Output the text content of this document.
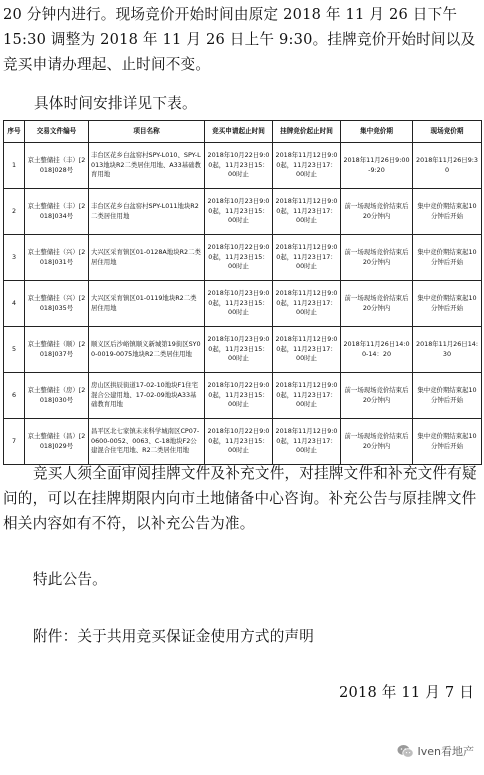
20 分钟内进行。现场竞价开始时间由原定 2018 年 11 月 26 日下午 15:30 调整为 2018 年 11 月 26 日上午 9:30。挂牌竞价开始时间以及竞买申请办理起、止时间不变。

具体时间安排详见下表。

序号	交易文件编号	项目名称	竞买申请起止时间	挂牌竞价起止时间	集中竞价期	现场竞价期
1	京土整储挂（丰）[2018]028号	丰台区花乡白盆窑村SPY-L010、SPY-L013地块R2二类居住用地、A33基础教育用地	2018年10月22日9:00起，11月23日15：00时止	2018年11月12日9:00起，11月23日17：00时止	2018年11月26日9:00-9:20	2018年11月26日9:30
2	京土整储挂（丰）[2018]034号	丰台区花乡白盆窑村SPY-L011地块R2二类居住用地	2018年10月23日9:00起，11月23日15：00时止	2018年11月12日9:00起，11月23日17：00时止	前一场现场竞价结束后20分钟内	集中竞价期结束起10分钟后开始
3	京土整储挂（兴）[2018]031号	大兴区采育镇区01-0128A地块R2二类居住用地	2018年10月22日9:00起，11月23日15：00时止	2018年11月12日9:00起，11月23日17：00时止	前一场现场竞价结束后20分钟内	集中竞价期结束起10分钟后开始
4	京土整储挂（兴）[2018]035号	大兴区采育镇区01-0119地块R2二类居住用地	2018年10月23日9:00起，11月23日15：00时止	2018年11月12日9:00起，11月23日17：00时止	前一场现场竞价结束后20分钟内	集中竞价期结束起10分钟后开始
5	京土整储挂（顺）[2018]037号	顺义区后沙峪镇顺义新城第19街区SY00-0019-0075地块R2二类居住用地	2018年10月23日9:00起，11月23日15：00时止	2018年11月12日9:00起，11月23日17：00时止	2018年11月26日14:00-14：20	2018年11月26日14:30
6	京土整储挂（房）[2018]030号	房山区拱辰街道17-02-10地块F1住宅混合公建用地、17-02-09地块A33基础教育用地	2018年10月22日9:00起，11月23日15：00时止	2018年11月12日9:00起，11月23日17：00时止	前一场现场竞价结束后20分钟内	集中竞价期结束起10分钟后开始
7	京土整储挂（昌）[2018]029号	昌平区北七家镇未来科学城南区CP07-0600-0052、0063、C-18地块F2公建混合住宅用地、R2二类居住用地	2018年10月22日9:00起，11月23日15：00时止	2018年11月12日9:00起，11月23日17：00时止	前一场现场竞价结束后20分钟内	集中竞价期结束起10分钟后开始

竞买人须全面审阅挂牌文件及补充文件，对挂牌文件和补充文件有疑问的，可以在挂牌期限内向市土地储备中心咨询。补充公告与原挂牌文件相关内容如有不符，以补充公告为准。

特此公告。

附件：关于共用竞买保证金使用方式的声明

2018 年 11 月 7 日

Iven看地产
